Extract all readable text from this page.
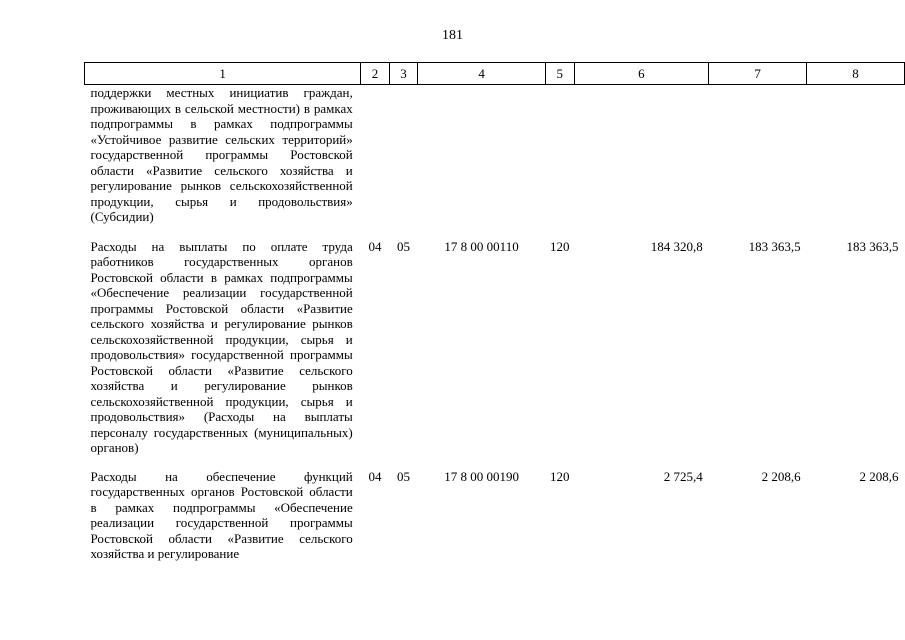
181
1	2	3	4	5	6	7	8
поддержки местных инициатив граждан, проживающих в сельской местности) в рамках подпрограммы в рамках подпрограммы «Устойчивое развитие сельских территорий» государственной программы Ростовской области «Развитие сельского хозяйства и регулирование рынков сельскохозяйственной продукции, сырья и продовольствия» (Субсидии)							
Расходы на выплаты по оплате труда работников государственных органов Ростовской области в рамках подпрограммы «Обеспечение реализации государственной программы Ростовской области «Развитие сельского хозяйства и регулирование рынков сельскохозяйственной продукции, сырья и продовольствия» государственной программы Ростовской области «Развитие сельского хозяйства и регулирование рынков сельскохозяйственной продукции, сырья и продовольствия» (Расходы на выплаты персоналу государственных (муниципальных) органов)	04	05	17 8 00 00110	120	184 320,8	183 363,5	183 363,5
Расходы на обеспечение функций государственных органов Ростовской области в рамках подпрограммы «Обеспечение реализации государственной программы Ростовской области «Развитие сельского хозяйства и регулирование	04	05	17 8 00 00190	120	2 725,4	2 208,6	2 208,6
